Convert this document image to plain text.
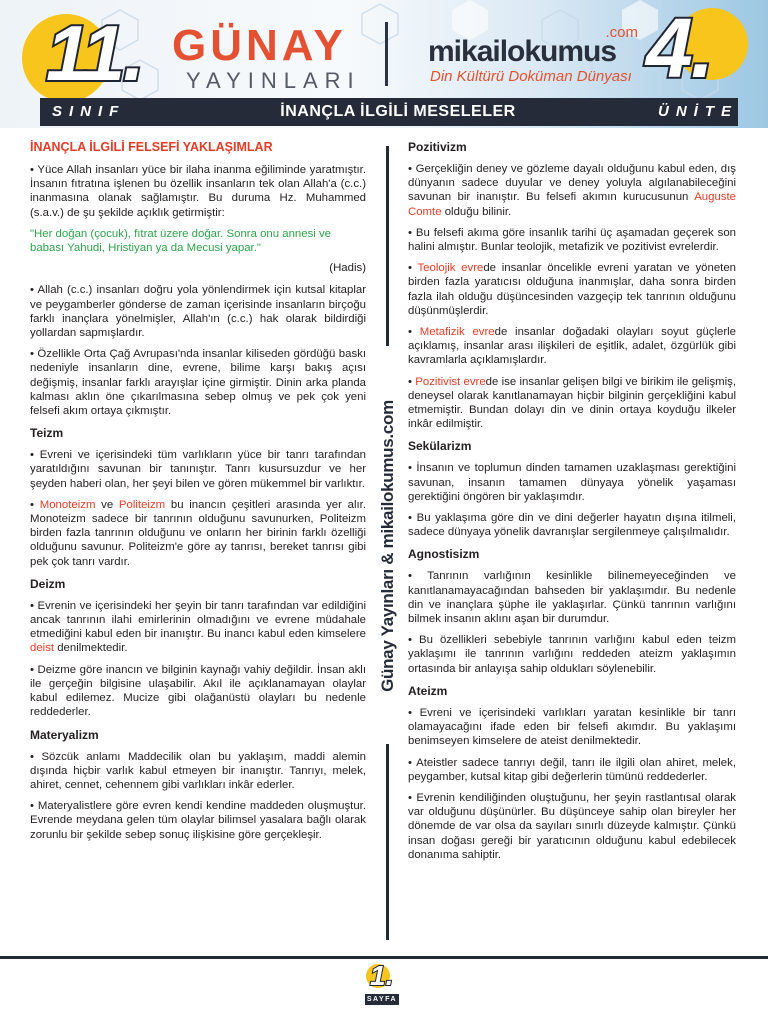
11. GÜNAY
YAYINLARI
.com
mikailokumus
Din Kültürü Doküman Dünyası 4.
SINIF	İNANÇLA İLGİLİ MESELELER	ÜNİTE
İNANÇLA İLGİLİ FELSEFİ YAKLAŞIMLAR

• Yüce Allah insanları yüce bir ilaha inanma eğiliminde yaratmıştır. İnsanın fıtratına işlenen bu özellik insanların tek olan Allah'a (c.c.) inanmasına olanak sağlamıştır. Bu duruma Hz. Muhammed (s.a.v.) de şu şekilde açıklık getirmiştir:

"Her doğan (çocuk), fıtrat üzere doğar. Sonra onu annesi ve babası Yahudi, Hristiyan ya da Mecusi yapar."

(Hadis)

• Allah (c.c.) insanları doğru yola yönlendirmek için kutsal kitaplar ve peygamberler gönderse de zaman içerisinde insanların birçoğu farklı inançlara yönelmişler, Allah'ın (c.c.) hak olarak bildirdiği yollardan sapmışlardır.

• Özellikle Orta Çağ Avrupası'nda insanlar kiliseden gördüğü baskı nedeniyle insanların dine, evrene, bilime karşı bakış açısı değişmiş, insanlar farklı arayışlar içine girmiştir. Dinin arka planda kalması aklın öne çıkarılmasına sebep olmuş ve pek çok yeni felsefi akım ortaya çıkmıştır.

Teizm

• Evreni ve içerisindeki tüm varlıkların yüce bir tanrı tarafından yaratıldığını savunan bir tanınıştır. Tanrı kusursuzdur ve her şeyden haberi olan, her şeyi bilen ve gören mükemmel bir varlıktır.

• Monoteizm ve Politeizm bu inancın çeşitleri arasında yer alır. Monoteizm sadece bir tanrının olduğunu savunurken, Politeizm birden fazla tanrının olduğunu ve onların her birinin farklı özelliği olduğunu savunur. Politeizm'e göre ay tanrısı, bereket tanrısı gibi pek çok tanrı vardır.

Deizm

• Evrenin ve içerisindeki her şeyin bir tanrı tarafından var edildiğini ancak tanrının ilahi emirlerinin olmadığını ve evrene müdahale etmediğini kabul eden bir inanıştır. Bu inancı kabul eden kimselere deist denilmektedir.

• Deizme göre inancın ve bilginin kaynağı vahiy değildir. İnsan aklı ile gerçeğin bilgisine ulaşabilir. Akıl ile açıklanamayan olaylar kabul edilemez. Mucize gibi olağanüstü olayları bu nedenle reddederler.

Materyalizm

• Sözcük anlamı Maddecilik olan bu yaklaşım, maddi alemin dışında hiçbir varlık kabul etmeyen bir inanıştır. Tanrıyı, melek, ahiret, cennet, cehennem gibi varlıkları inkâr ederler.

• Materyalistlere göre evren kendi kendine maddeden oluşmuştur. Evrende meydana gelen tüm olaylar bilimsel yasalara bağlı olarak zorunlu bir şekilde sebep sonuç ilişkisine göre gerçekleşir.

Günay Yayınları & mikailokumus.com
Pozitivizm

• Gerçekliğin deney ve gözleme dayalı olduğunu kabul eden, dış dünyanın sadece duyular ve deney yoluyla algılanabileceğini savunan bir inanıştır. Bu felsefi akımın kurucusunun Auguste Comte olduğu bilinir.

• Bu felsefi akıma göre insanlık tarihi üç aşamadan geçerek son halini almıştır. Bunlar teolojik, metafizik ve pozitivist evrelerdir.

• Teolojik evrede insanlar öncelikle evreni yaratan ve yöneten birden fazla yaratıcısı olduğuna inanmışlar, daha sonra birden fazla ilah olduğu düşüncesinden vazgeçip tek tanrının olduğunu düşünmüşlerdir.

• Metafizik evrede insanlar doğadaki olayları soyut güçlerle açıklamış, insanlar arası ilişkileri de eşitlik, adalet, özgürlük gibi kavramlarla açıklamışlardır.

• Pozitivist evrede ise insanlar gelişen bilgi ve birikim ile gelişmiş, deneysel olarak kanıtlanamayan hiçbir bilginin gerçekliğini kabul etmemiştir. Bundan dolayı din ve dinin ortaya koyduğu ilkeler inkâr edilmiştir.

Sekülarizm

• İnsanın ve toplumun dinden tamamen uzaklaşması gerektiğini savunan, insanın tamamen dünyaya yönelik yaşaması gerektiğini öngören bir yaklaşımdır.

• Bu yaklaşıma göre din ve dini değerler hayatın dışına itilmeli, sadece dünyaya yönelik davranışlar sergilenmeye çalışılmalıdır.

Agnostisizm

• Tanrının varlığının kesinlikle bilinemeyeceğinden ve kanıtlanamayacağından bahseden bir yaklaşımdır. Bu nedenle din ve inançlara şüphe ile yaklaşırlar. Çünkü tanrının varlığını bilmek insanın aklını aşan bir durumdur.

• Bu özellikleri sebebiyle tanrının varlığını kabul eden teizm yaklaşımı ile tanrının varlığını reddeden ateizm yaklaşımın ortasında bir anlayışa sahip oldukları söylenebilir.

Ateizm

• Evreni ve içerisindeki varlıkları yaratan kesinlikle bir tanrı olamayacağını ifade eden bir felsefi akımdır. Bu yaklaşımı benimseyen kimselere de ateist denilmektedir.

• Ateistler sadece tanrıyı değil, tanrı ile ilgili olan ahiret, melek, peygamber, kutsal kitap gibi değerlerin tümünü reddederler.

• Evrenin kendiliğinden oluştuğunu, her şeyin rastlantısal olarak var olduğunu düşünürler. Bu düşünceye sahip olan bireyler her dönemde de var olsa da sayıları sınırlı düzeyde kalmıştır. Çünkü insan doğası gereği bir yaratıcının olduğunu kabul edebilecek donanıma sahiptir.

1.
SAYFA
